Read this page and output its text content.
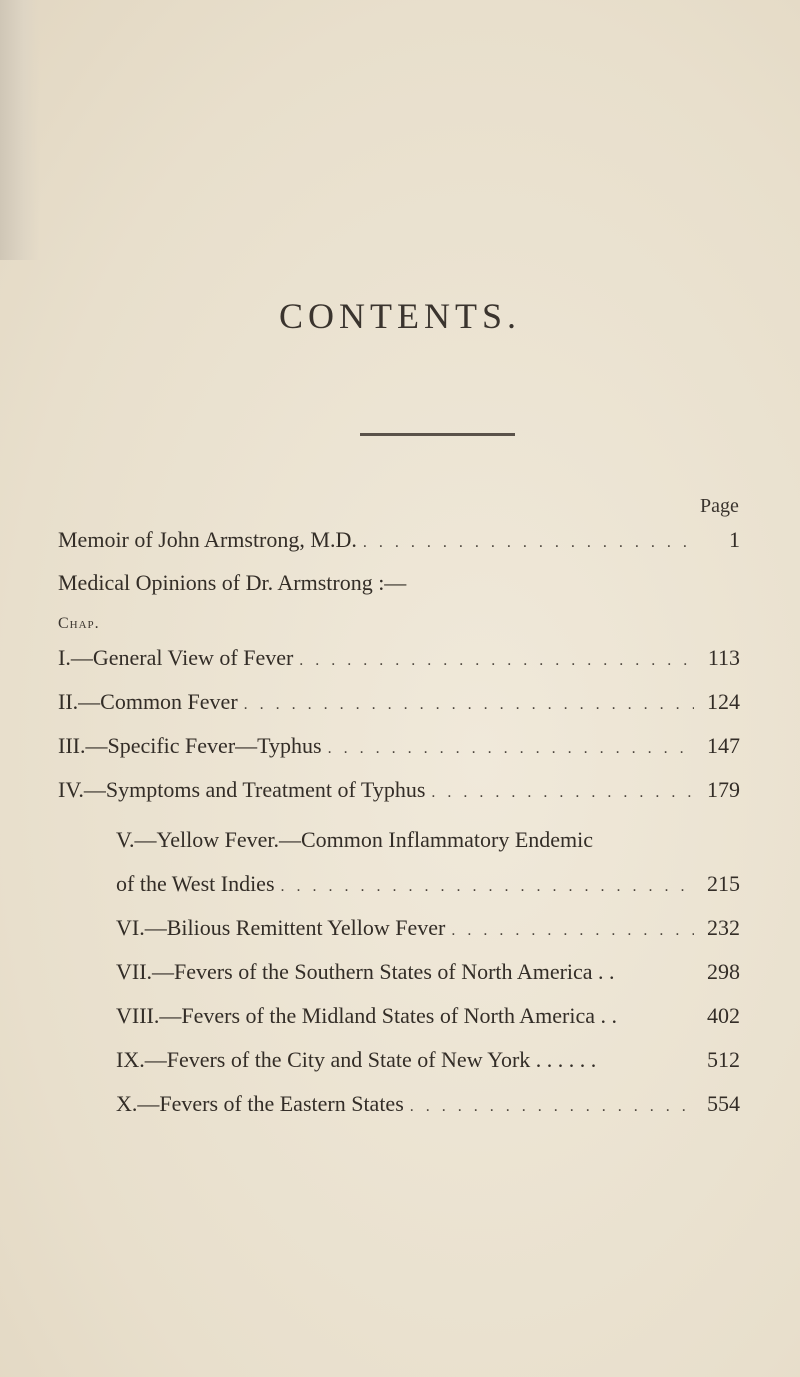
CONTENTS.
Page
Memoir of John Armstrong, M.D. . . .	1
Medical Opinions of Dr. Armstrong :—
Chap.
I.—General View of Fever . . .	113
II.—Common Fever . . .	124
III.—Specific Fever—Typhus . . .	147
IV.—Symptoms and Treatment of Typhus . . .	179
V.—Yellow Fever.—Common Inflammatory Endemic
of the West Indies . . .	215
VI.—Bilious Remittent Yellow Fever . . .	232
VII.—Fevers of the Southern States of North America . .	298
VIII.—Fevers of the Midland States of North America . .	402
IX.—Fevers of the City and State of New York . . . . . .	512
X.—Fevers of the Eastern States . . .	554
